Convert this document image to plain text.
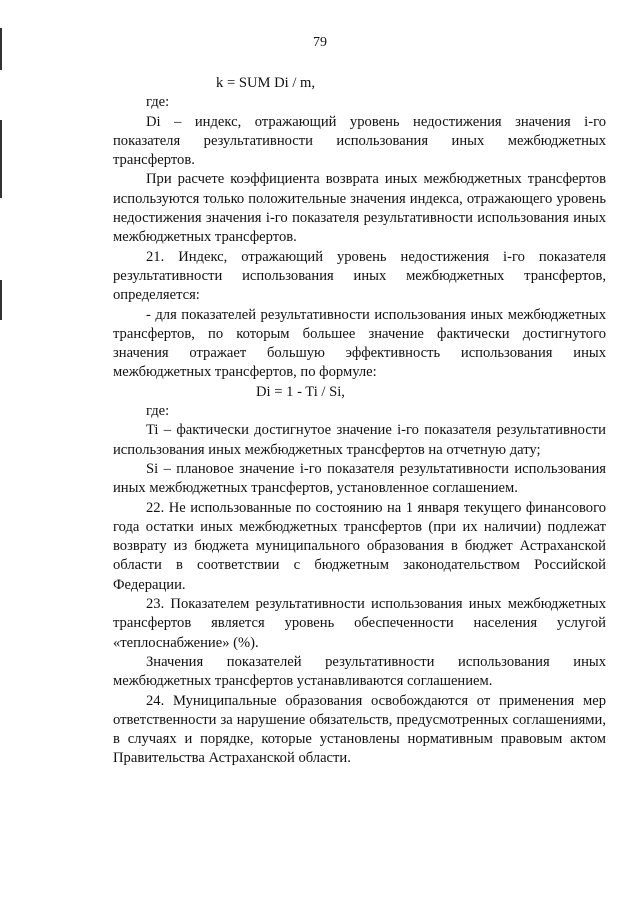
79

k = SUM Di / m,

где:

Di – индекс, отражающий уровень недостижения значения i-го показателя результативности использования иных межбюджетных трансфертов.

При расчете коэффициента возврата иных межбюджетных трансфертов используются только положительные значения индекса, отражающего уровень недостижения значения i-го показателя результативности использования иных межбюджетных трансфертов.

21. Индекс, отражающий уровень недостижения i-го показателя результативности использования иных межбюджетных трансфертов, определяется:

- для показателей результативности использования иных межбюджетных трансфертов, по которым большее значение фактически достигнутого значения отражает большую эффективность использования иных межбюджетных трансфертов, по формуле:

Di = 1 - Ti / Si,

где:

Ti – фактически достигнутое значение i-го показателя результативности использования иных межбюджетных трансфертов на отчетную дату;

Si – плановое значение i-го показателя результативности использования иных межбюджетных трансфертов, установленное соглашением.

22. Не использованные по состоянию на 1 января текущего финансового года остатки иных межбюджетных трансфертов (при их наличии) подлежат возврату из бюджета муниципального образования в бюджет Астраханской области в соответствии с бюджетным законодательством Российской Федерации.

23. Показателем результативности использования иных межбюджетных трансфертов является уровень обеспеченности населения услугой «теплоснабжение» (%).

Значения показателей результативности использования иных межбюджетных трансфертов устанавливаются соглашением.

24. Муниципальные образования освобождаются от применения мер ответственности за нарушение обязательств, предусмотренных соглашениями, в случаях и порядке, которые установлены нормативным правовым актом Правительства Астраханской области.
